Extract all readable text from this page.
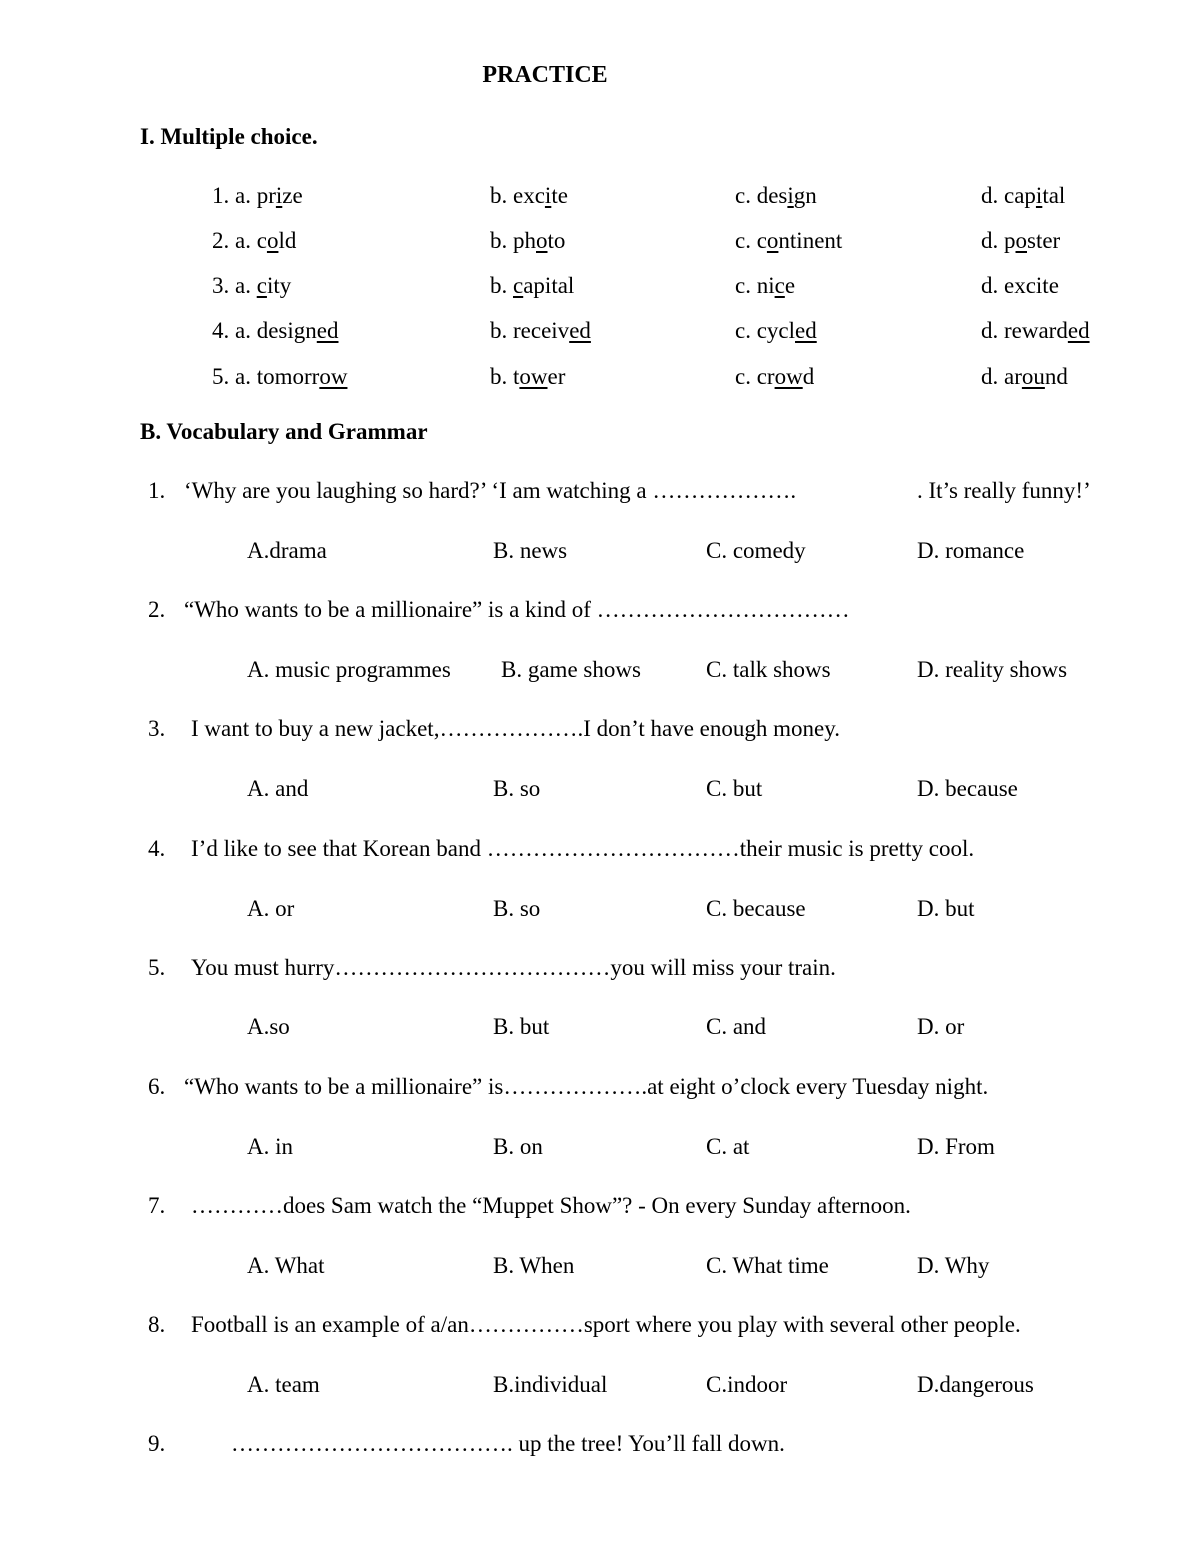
PRACTICE
I. Multiple choice.
1. a. prize	b. excite	c. design	d. capital
2. a. cold	b. photo	c. continent	d. poster
3. a. city	b. capital	c. nice	d. excite
4. a. designed	b. received	c. cycled	d. rewarded
5. a. tomorrow	b. tower	c. crowd	d. around
B. Vocabulary and Grammar
1. ‘Why are you laughing so hard?’ ‘I am watching a ……………….	. It’s really funny!’
A.drama	B. news	C. comedy	D. romance
2. “Who wants to be a millionaire” is a kind of ……………………………
A. music programmes B. game shows	C. talk shows	D. reality shows
3. I want to buy a new jacket,……………….I don’t have enough money.
A. and	B. so	C. but	D. because
4. I’d like to see that Korean band ……………………………their music is pretty cool.
A. or	B. so	C. because	D. but
5. You must hurry………………………………you will miss your train.
A.so	B. but	C. and	D. or
6. “Who wants to be a millionaire” is……………….at eight o’clock every Tuesday night.
A. in	B. on	C. at	D. From
7. …………does Sam watch the “Muppet Show”? - On every Sunday afternoon.
A. What	B. When	C. What time	D. Why
8. Football is an example of a/an……………sport where you play with several other people.
A. team	B.individual	C.indoor	D.dangerous
9.	………………………………. up the tree! You’ll fall down.
